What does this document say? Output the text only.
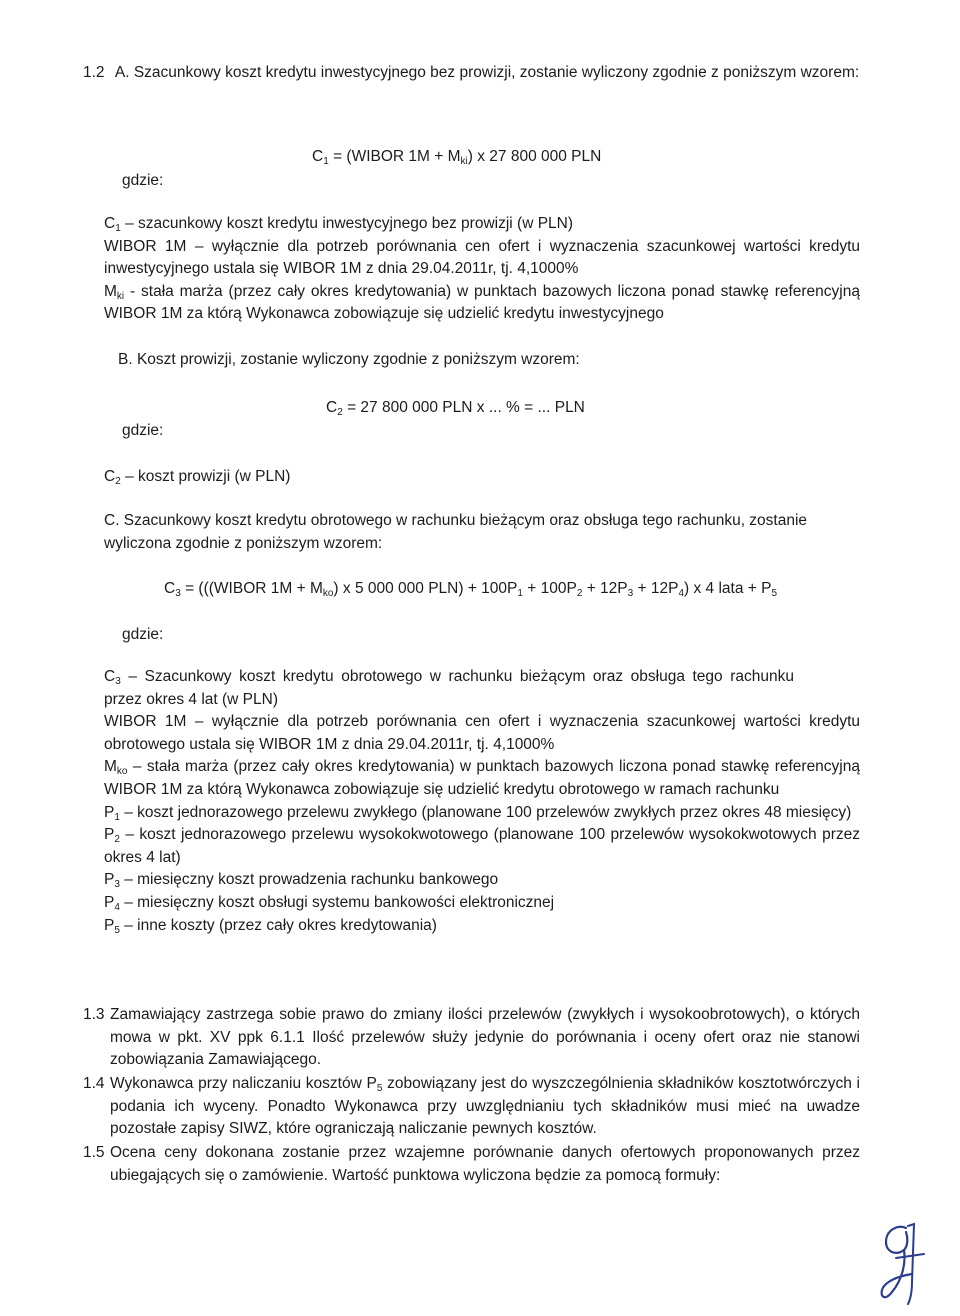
1.2 A. Szacunkowy koszt kredytu inwestycyjnego bez prowizji, zostanie wyliczony zgodnie z poniższym wzorem:
$C_1$ = (WIBOR $1M + M_{ki}$) x 27 800 000 PLN
gdzie:
$C_1$ – szacunkowy koszt kredytu inwestycyjnego bez prowizji (w PLN)
WIBOR 1M – wyłącznie dla potrzeb porównania cen ofert i wyznaczenia szacunkowej wartości kredytu inwestycyjnego ustala się WIBOR 1M z dnia 29.04.2011r, tj. 4,1000%
$M_{ki}$ - stała marża (przez cały okres kredytowania) w punktach bazowych liczona ponad stawkę referencyjną WIBOR 1M za którą Wykonawca zobowiązuje się udzielić kredytu inwestycyjnego
B. Koszt prowizji, zostanie wyliczony zgodnie z poniższym wzorem:
$C_2 = 27$ 800 000 PLN x ... % = ... PLN
gdzie:
$C_2$ – koszt prowizji (w PLN)
C. Szacunkowy koszt kredytu obrotowego w rachunku bieżącym oraz obsługa tego rachunku, zostanie wyliczona zgodnie z poniższym wzorem:
$C_3$ = (((WIBOR $1M + M_{ko}$) x 5 000 000 $PLN) + 100P_1 + 100P_2 + 12P_3 + 12P_4$) x 4 lata + $P_5$
gdzie:
$C_3$ – Szacunkowy koszt kredytu obrotowego w rachunku bieżącym oraz obsługa tego rachunku przez okres 4 lat (w PLN)
WIBOR 1M – wyłącznie dla potrzeb porównania cen ofert i wyznaczenia szacunkowej wartości kredytu obrotowego ustala się WIBOR 1M z dnia 29.04.2011r, tj. 4,1000%
$M_{ko}$ – stała marża (przez cały okres kredytowania) w punktach bazowych liczona ponad stawkę referencyjną WIBOR 1M za którą Wykonawca zobowiązuje się udzielić kredytu obrotowego w ramach rachunku
$P_1$ – koszt jednorazowego przelewu zwykłego (planowane 100 przelewów zwykłych przez okres 48 miesięcy)
$P_2$ – koszt jednorazowego przelewu wysokokwotowego (planowane 100 przelewów wysokokwotowych przez okres 4 lat)
$P_3$ – miesięczny koszt prowadzenia rachunku bankowego
$P_4$ – miesięczny koszt obsługi systemu bankowości elektronicznej
$P_5$ – inne koszty (przez cały okres kredytowania)
1.3 Zamawiający zastrzega sobie prawo do zmiany ilości przelewów (zwykłych i wysokoobrotowych), o których mowa w pkt. XV ppk 6.1.1 Ilość przelewów służy jedynie do porównania i oceny ofert oraz nie stanowi zobowiązania Zamawiającego.
1.4 Wykonawca przy naliczaniu kosztów $P_5$ zobowiązany jest do wyszczególnienia składników kosztotwórczych i podania ich wyceny. Ponadto Wykonawca przy uwzględnianiu tych składników musi mieć na uwadze pozostałe zapisy SIWZ, które ograniczają naliczanie pewnych kosztów.
1.5 Ocena ceny dokonana zostanie przez wzajemne porównanie danych ofertowych proponowanych przez ubiegających się o zamówienie. Wartość punktowa wyliczona będzie za pomocą formuły:
